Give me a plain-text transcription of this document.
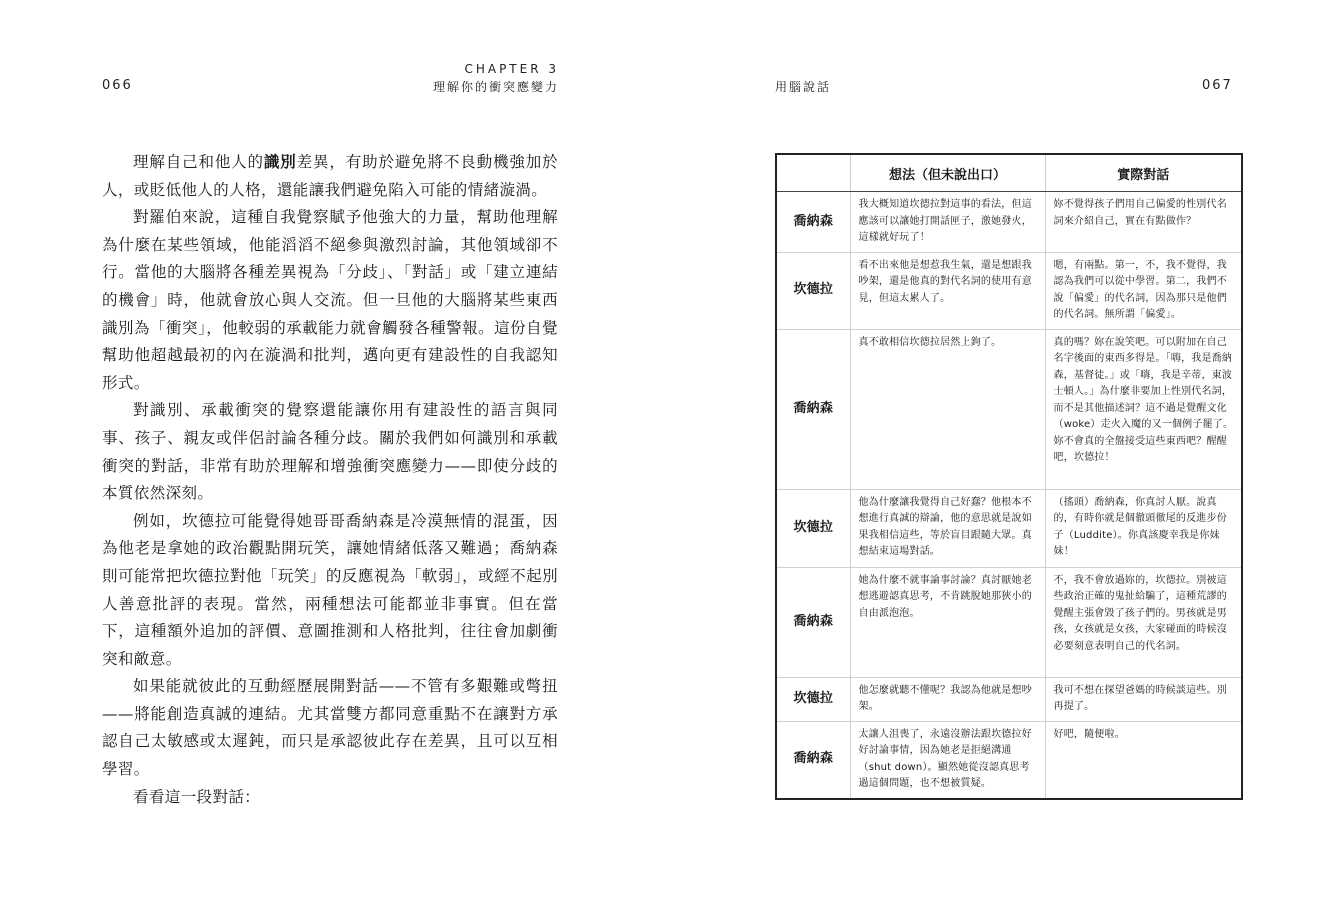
066
CHAPTER 3
理解你的衝突應變力

理解自己和他人的識別差異，有助於避免將不良動機強加於人，或貶低他人的人格，還能讓我們避免陷入可能的情緒漩渦。

對羅伯來說，這種自我覺察賦予他強大的力量，幫助他理解為什麼在某些領域，他能滔滔不絕參與激烈討論，其他領域卻不行。當他的大腦將各種差異視為「分歧」、「對話」或「建立連結的機會」時，他就會放心與人交流。但一旦他的大腦將某些東西識別為「衝突」，他較弱的承載能力就會觸發各種警報。這份自覺幫助他超越最初的內在漩渦和批判，邁向更有建設性的自我認知形式。

對識別、承載衝突的覺察還能讓你用有建設性的語言與同事、孩子、親友或伴侶討論各種分歧。關於我們如何識別和承載衝突的對話，非常有助於理解和增強衝突應變力——即使分歧的本質依然深刻。

例如，坎德拉可能覺得她哥哥喬納森是冷漠無情的混蛋，因為他老是拿她的政治觀點開玩笑，讓她情緒低落又難過；喬納森則可能常把坎德拉對他「玩笑」的反應視為「軟弱」，或經不起別人善意批評的表現。當然，兩種想法可能都並非事實。但在當下，這種額外追加的評價、意圖推測和人格批判，往往會加劇衝突和敵意。

如果能就彼此的互動經歷展開對話——不管有多艱難或彆扭——將能創造真誠的連結。尤其當雙方都同意重點不在讓對方承認自己太敏感或太遲鈍，而只是承認彼此存在差異，且可以互相學習。

看看這一段對話：

用腦說話	067
	想法（但未說出口）	實際對話
喬納森	我大概知道坎德拉對這事的看法，但這應該可以讓她打開話匣子，激她發火，這樣就好玩了！	妳不覺得孩子們用自己偏愛的性別代名詞來介紹自己，實在有點做作？
坎德拉	看不出來他是想惹我生氣，還是想跟我吵架，還是他真的對代名詞的使用有意見，但這太累人了。	嗯，有兩點。第一，不，我不覺得，我認為我們可以從中學習。第二，我們不說「偏愛」的代名詞，因為那只是他們的代名詞。無所謂「偏愛」。
喬納森	真不敢相信坎德拉居然上鉤了。	真的嗎？妳在說笑吧。可以附加在自己名字後面的東西多得是。「嗨，我是喬納森，基督徒。」或「嗨，我是辛蒂，東波士頓人。」為什麼非要加上性別代名詞，而不是其他描述詞？這不過是覺醒文化（woke）走火入魔的又一個例子罷了。妳不會真的全盤接受這些東西吧？醒醒吧，坎德拉！
坎德拉	他為什麼讓我覺得自己好蠢？他根本不想進行真誠的辯論，他的意思就是說如果我相信這些，等於盲目跟隨大眾。真想結束這場對話。	（搖頭）喬納森，你真討人厭。說真的，有時你就是個徹頭徹尾的反進步份子（Luddite）。你真該慶幸我是你妹妹！
喬納森	她為什麼不就事論事討論？真討厭她老想逃避認真思考，不肯跳脫她那狹小的自由派泡泡。	不，我不會放過妳的，坎德拉。別被這些政治正確的鬼扯給騙了，這種荒謬的覺醒主張會毀了孩子們的。男孩就是男孩，女孩就是女孩，大家碰面的時候沒必要刻意表明自己的代名詞。
坎德拉	他怎麼就聽不懂呢？我認為他就是想吵架。	我可不想在探望爸媽的時候談這些。別再提了。
喬納森	太讓人沮喪了，永遠沒辦法跟坎德拉好好討論事情，因為她老是拒絕溝通（shut down）。顯然她從沒認真思考過這個問題，也不想被質疑。	好吧，隨便啦。
